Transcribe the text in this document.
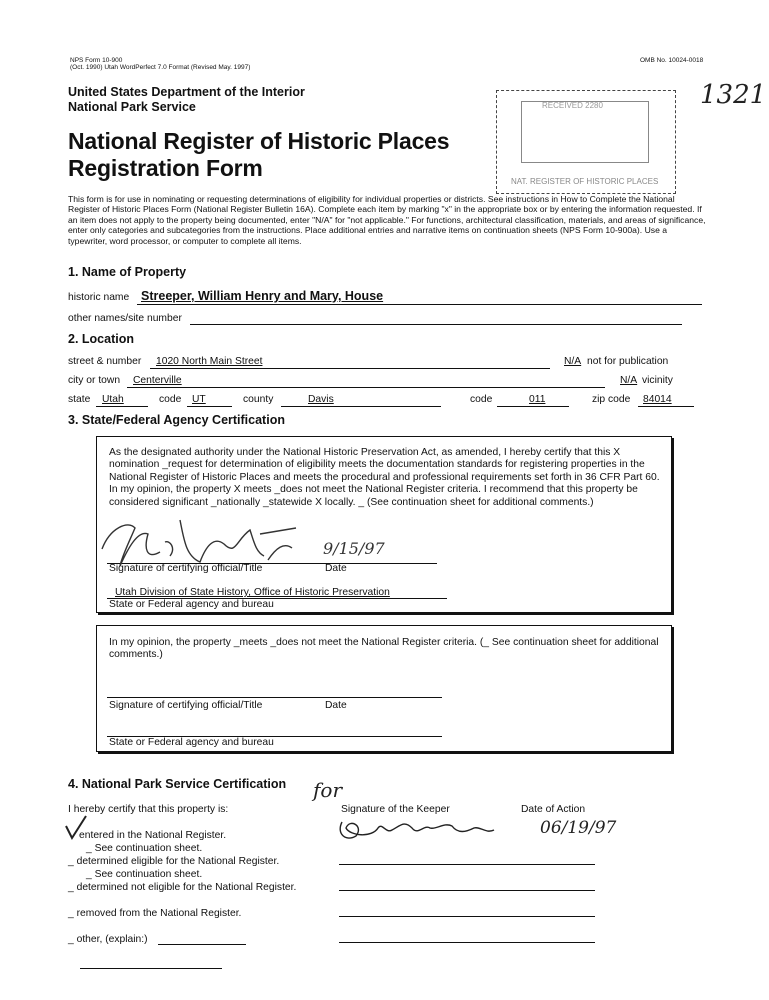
NPS Form 10-900
(Oct. 1990) Utah WordPerfect 7.0 Format (Revised May. 1997)
OMB No. 10024-0018
United States Department of the Interior
National Park Service
National Register of Historic Places
Registration Form
RECEIVED 2280
NAT. REGISTER OF HISTORIC PLACES
1321
This form is for use in nominating or requesting determinations of eligibility for individual properties or districts. See instructions in How to Complete the National Register of Historic Places Form (National Register Bulletin 16A). Complete each item by marking "x" in the appropriate box or by entering the information requested. If an item does not apply to the property being documented, enter "N/A" for "not applicable." For functions, architectural classification, materials, and areas of significance, enter only categories and subcategories from the instructions. Place additional entries and narrative items on continuation sheets (NPS Form 10-900a). Use a typewriter, word processor, or computer to complete all items.
1. Name of Property
historic name Streeper, William Henry and Mary, House
other names/site number
2. Location
street & number 1020 North Main Street	N/A not for publication
city or town Centerville	N/A vicinity
state Utah	code UT	county	Davis	code	011	zip code 84014
3. State/Federal Agency Certification
As the designated authority under the National Historic Preservation Act, as amended, I hereby certify that this X nomination _request for determination of eligibility meets the documentation standards for registering properties in the National Register of Historic Places and meets the procedural and professional requirements set forth in 36 CFR Part 60. In my opinion, the property X meets _does not meet the National Register criteria. I recommend that this property be considered significant _nationally _statewide X locally. _ (See continuation sheet for additional comments.)
Signature of certifying official/Title	Date
Utah Division of State History, Office of Historic Preservation
State or Federal agency and bureau
9/15/97
In my opinion, the property _meets _does not meet the National Register criteria. (_ See continuation sheet for additional comments.)
Signature of certifying official/Title	Date
State or Federal agency and bureau
4. National Park Service Certification
I hereby certify that this property is:
for
Signature of the Keeper	Date of Action
entered in the National Register.
_ See continuation sheet.
_ determined eligible for the National Register.
_ See continuation sheet.
_ determined not eligible for the National Register.
_ removed from the National Register.
_ other, (explain:)
06/19/97
